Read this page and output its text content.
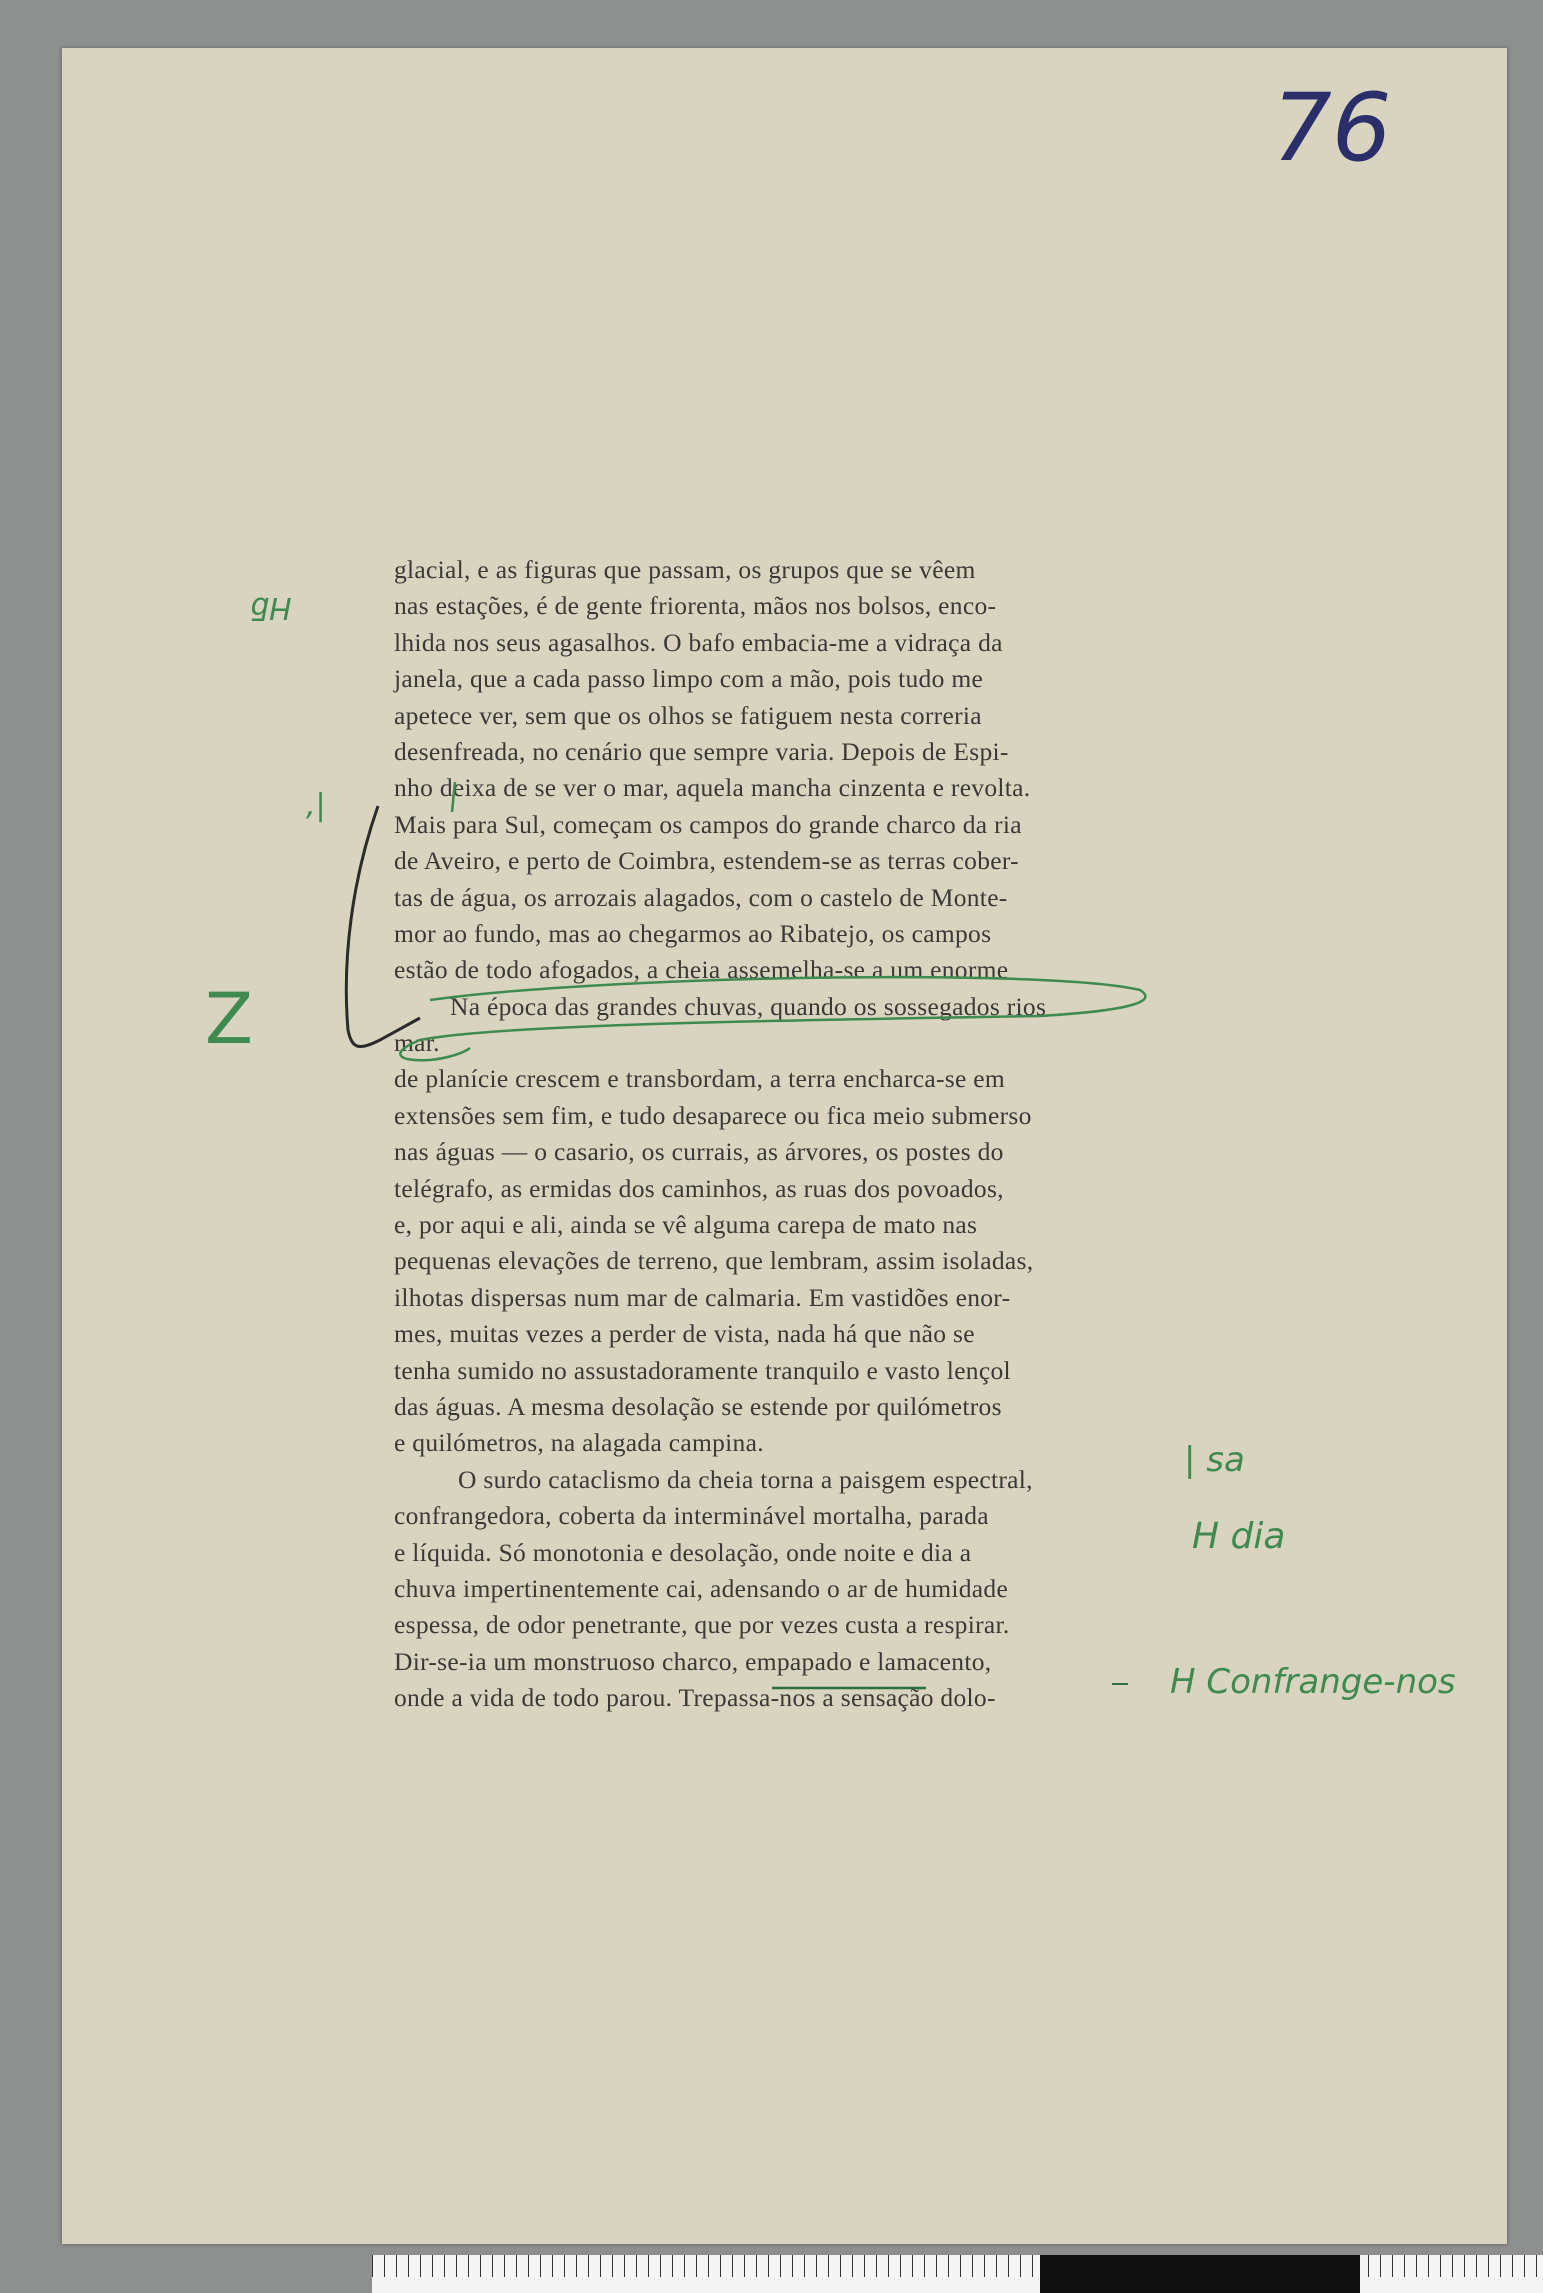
76
glacial, e as figuras que passam, os grupos que se vêem
nas estações, é de gente friorenta, mãos nos bolsos, enco-
lhida nos seus agasalhos. O bafo embacia-me a vidraça da
janela, que a cada passo limpo com a mão, pois tudo me
apetece ver, sem que os olhos se fatiguem nesta correria
desenfreada, no cenário que sempre varia. Depois de Espi-
nho deixa de se ver o mar, aquela mancha cinzenta e revolta.
Mais para Sul, começam os campos do grande charco da ria
de Aveiro, e perto de Coimbra, estendem-se as terras cober-
tas de água, os arrozais alagados, com o castelo de Monte-
mor ao fundo, mas ao chegarmos ao Ribatejo, os campos
estão de todo afogados, a cheia assemelha-se a um enorme
Na época das grandes chuvas, quando os sossegados rios
mar.
de planície crescem e transbordam, a terra encharca-se em
extensões sem fim, e tudo desaparece ou fica meio submerso
nas águas — o casario, os currais, as árvores, os postes do
telégrafo, as ermidas dos caminhos, as ruas dos povoados,
e, por aqui e ali, ainda se vê alguma carepa de mato nas
pequenas elevações de terreno, que lembram, assim isoladas,
ilhotas dispersas num mar de calmaria. Em vastidões enor-
mes, muitas vezes a perder de vista, nada há que não se
tenha sumido no assustadoramente tranquilo e vasto lençol
das águas. A mesma desolação se estende por quilómetros
e quilómetros, na alagada campina.
O surdo cataclismo da cheia torna a paisgem espectral,
confrangedora, coberta da interminável mortalha, parada
e líquida. Só monotonia e desolação, onde noite e dia a
chuva impertinentemente cai, adensando o ar de humidade
espessa, de odor penetrante, que por vezes custa a respirar.
Dir-se-ia um monstruoso charco, empapado e lamacento,
onde a vida de todo parou. Trepassa-nos a sensação dolo-
Hƃ
,|
Z
| sa
H dia
H Confrange-nos
